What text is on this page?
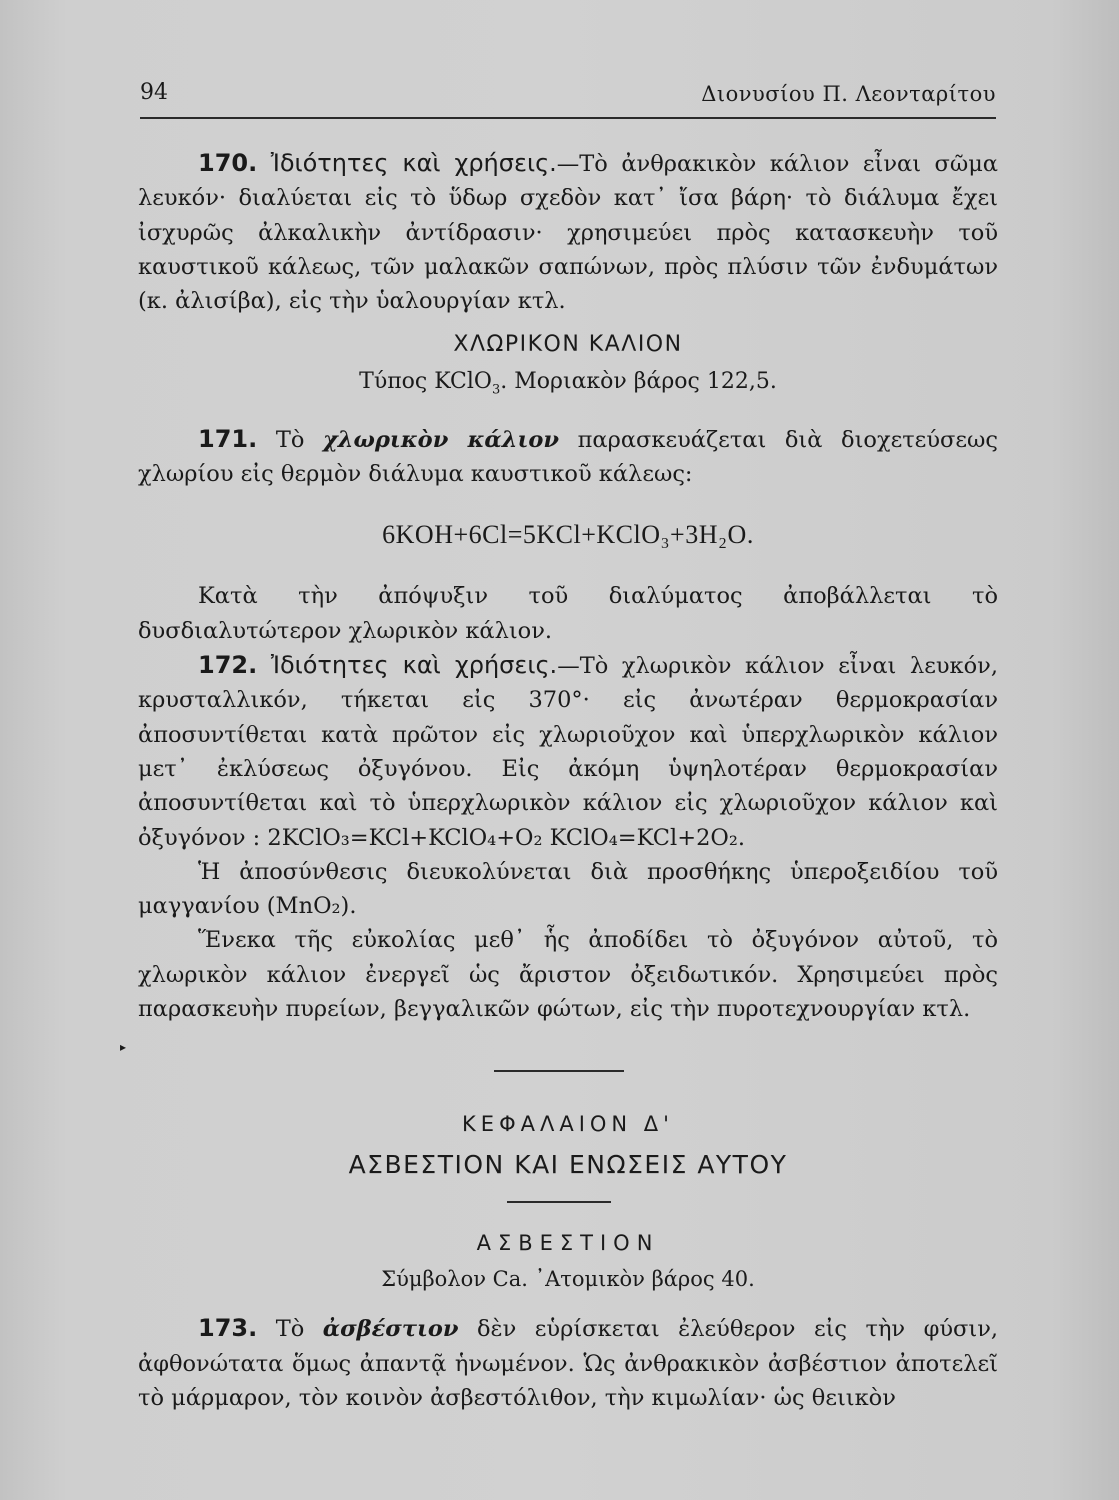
94	Διονυσίου Π. Λεονταρίτου

170. Ἰδιότητες καὶ χρήσεις.—Τὸ ἀνθρακικὸν κάλιον εἶναι σῶμα λευκόν· διαλύεται εἰς τὸ ὕδωρ σχεδὸν κατ᾽ ἴσα βάρη· τὸ διάλυμα ἔχει ἰσχυρῶς ἀλκαλικὴν ἀντίδρασιν· χρησιμεύει πρὸς κατασκευὴν τοῦ καυστικοῦ κάλεως, τῶν μαλακῶν σαπώνων, πρὸς πλύσιν τῶν ἐνδυμάτων (κ. ἀλισίβα), εἰς τὴν ὑαλουργίαν κτλ.

ΧΛΩΡΙΚΟΝ ΚΑΛΙΟΝ

Τύπος KClO$_3$. Μοριακὸν βάρος 122,5.

171. Τὸ χλωρικὸν κάλιον παρασκευάζεται διὰ διοχετεύσεως χλωρίου εἰς θερμὸν διάλυμα καυστικοῦ κάλεως:

6KOH+6Cl=5KCl+KClO₃+3H₂O.

Κατὰ τὴν ἀπόψυξιν τοῦ διαλύματος ἀποβάλλεται τὸ δυσδιαλυτώτερον χλωρικὸν κάλιον.

172. Ἰδιότητες καὶ χρήσεις.—Τὸ χλωρικὸν κάλιον εἶναι λευκόν, κρυσταλλικόν, τήκεται εἰς 370°· εἰς ἀνωτέραν θερμοκρασίαν ἀποσυντίθεται κατὰ πρῶτον εἰς χλωριοῦχον καὶ ὑπερχλωρικὸν κάλιον μετ᾽ ἐκλύσεως ὀξυγόνου. Εἰς ἀκόμη ὑψηλοτέραν θερμοκρασίαν ἀποσυντίθεται καὶ τὸ ὑπερχλωρικὸν κάλιον εἰς χλωριοῦχον κάλιον καὶ ὀξυγόνον : 2KClO₃=KCl+KClO₄+O₂ KClO₄=KCl+2O₂.

Ἡ ἀποσύνθεσις διευκολύνεται διὰ προσθήκης ὑπεροξειδίου τοῦ μαγγανίου (MnO₂).

Ἕνεκα τῆς εὐκολίας μεθ᾽ ἧς ἀποδίδει τὸ ὀξυγόνον αὐτοῦ, τὸ χλωρικὸν κάλιον ἐνεργεῖ ὡς ἄριστον ὀξειδωτικόν. Χρησιμεύει πρὸς παρασκευὴν πυρείων, βεγγαλικῶν φώτων, εἰς τὴν πυροτεχνουργίαν κτλ.

ΚΕΦΑΛΑΙΟΝ Δ'

ΑΣΒΕΣΤΙΟΝ ΚΑΙ ΕΝΩΣΕΙΣ ΑΥΤΟΥ

ΑΣΒΕΣΤΙΟΝ

Σύμβολον Ca. ᾽Ατομικὸν βάρος 40.

173. Τὸ ἀσβέστιον δὲν εὑρίσκεται ἐλεύθερον εἰς τὴν φύσιν, ἀφθονώτατα ὅμως ἀπαντᾷ ἡνωμένον. Ὡς ἀνθρακικὸν ἀσβέστιον ἀποτελεῖ τὸ μάρμαρον, τὸν κοινὸν ἀσβεστόλιθον, τὴν κιμωλίαν· ὡς θειικὸν

▸
